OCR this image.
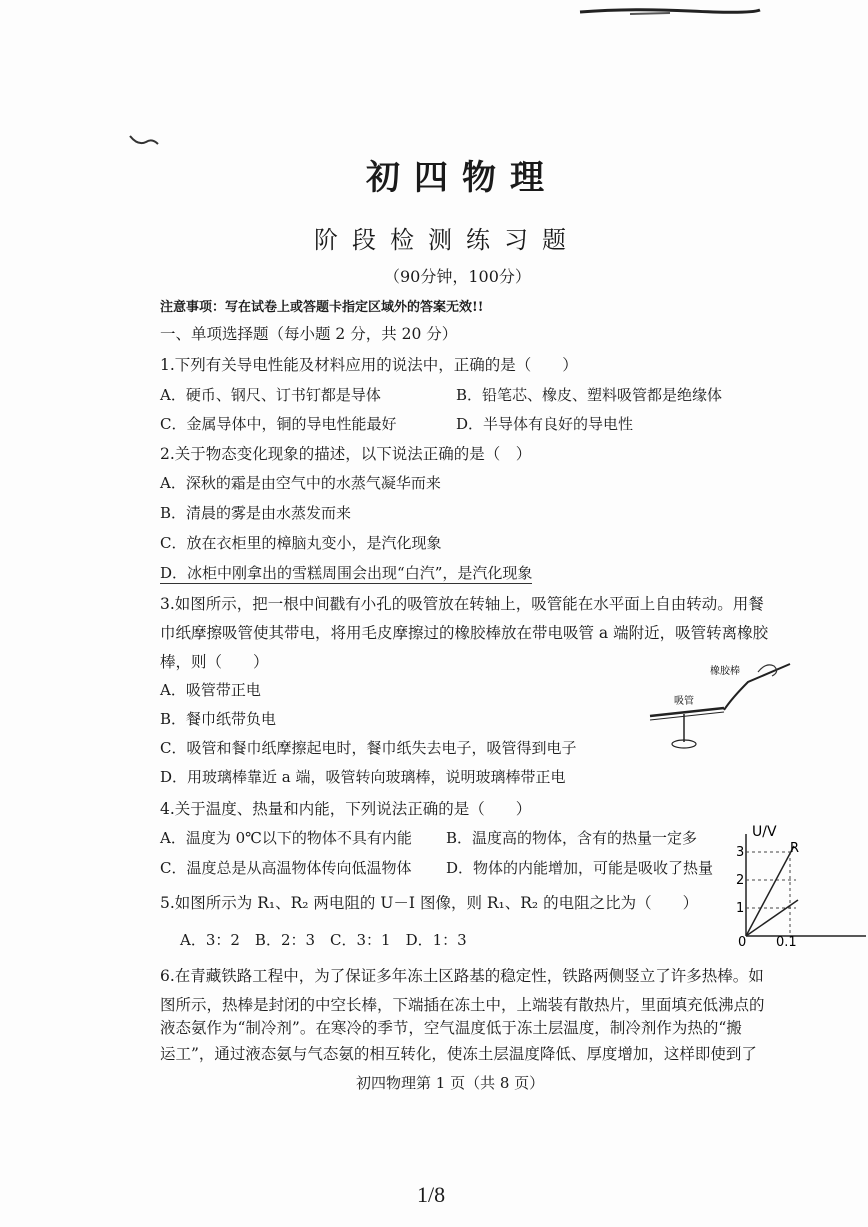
初四物理
阶段检测练习题
（90分钟，100分）
注意事项：写在试卷上或答题卡指定区域外的答案无效!!
一、单项选择题（每小题 2 分，共 20 分）
1.下列有关导电性能及材料应用的说法中，正确的是（　　）
A．硬币、钢尺、订书钉都是导体	B．铅笔芯、橡皮、塑料吸管都是绝缘体
C．金属导体中，铜的导电性能最好	D．半导体有良好的导电性
2.关于物态变化现象的描述，以下说法正确的是（　）
A．深秋的霜是由空气中的水蒸气凝华而来
B．清晨的雾是由水蒸发而来
C．放在衣柜里的樟脑丸变小，是汽化现象
D．冰柜中刚拿出的雪糕周围会出现“白汽”，是汽化现象
3.如图所示，把一根中间戳有小孔的吸管放在转轴上，吸管能在水平面上自由转动。用餐
巾纸摩擦吸管使其带电，将用毛皮摩擦过的橡胶棒放在带电吸管 a 端附近，吸管转离橡胶
棒，则（　　）
A．吸管带正电
B．餐巾纸带负电
C．吸管和餐巾纸摩擦起电时，餐巾纸失去电子，吸管得到电子
D．用玻璃棒靠近 a 端，吸管转向玻璃棒，说明玻璃棒带正电
橡胶棒
吸管
4.关于温度、热量和内能，下列说法正确的是（　　）
A．温度为 0℃以下的物体不具有内能 B．温度高的物体，含有的热量一定多
C．温度总是从高温物体传向低温物体 D．物体的内能增加，可能是吸收了热量
U/V
R
3
2
1
0 0.1
5.如图所示为 R₁、R₂ 两电阻的 U－I 图像，则 R₁、R₂ 的电阻之比为（　　）
A．3：2　B．2：3　C．3：1　D．1：3
6.在青藏铁路工程中，为了保证多年冻土区路基的稳定性，铁路两侧竖立了许多热棒。如
图所示，热棒是封闭的中空长棒，下端插在冻土中，上端装有散热片，里面填充低沸点的
液态氨作为“制冷剂”。在寒冷的季节，空气温度低于冻土层温度，制冷剂作为热的“搬
运工”，通过液态氨与气态氨的相互转化，使冻土层温度降低、厚度增加，这样即使到了
初四物理第 1 页（共 8 页）
1/8
